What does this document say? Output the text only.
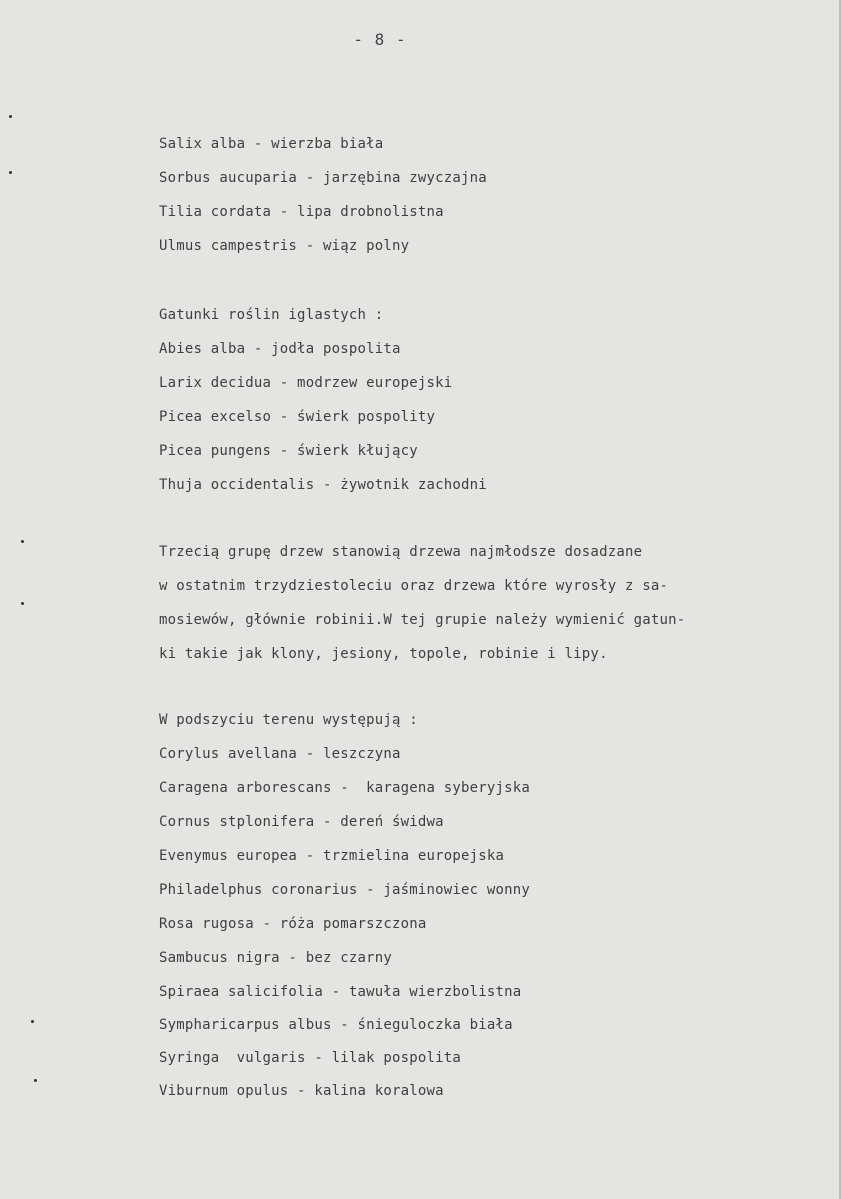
- 8 -
Salix alba - wierzba biała
Sorbus aucuparia - jarzębina zwyczajna
Tilia cordata - lipa drobnolistna
Ulmus campestris - wiąz polny
Gatunki roślin iglastych :
Abies alba - jodła pospolita
Larix decidua - modrzew europejski
Picea excelso - świerk pospolity
Picea pungens - świerk kłujący
Thuja occidentalis - żywotnik zachodni
Trzecią grupę drzew stanowią drzewa najmłodsze dosadzane
w ostatnim trzydziestoleciu oraz drzewa które wyrosły z sa-
mosiewów, głównie robinii.W tej grupie należy wymienić gatun-
ki takie jak klony, jesiony, topole, robinie i lipy.
W podszyciu terenu występują :
Corylus avellana - leszczyna
Caragena arborescans -  karagena syberyjska
Cornus stplonifera - dereń świdwa
Evenymus europea - trzmielina europejska
Philadelphus coronarius - jaśminowiec wonny
Rosa rugosa - róża pomarszczona
Sambucus nigra - bez czarny
Spiraea salicifolia - tawuła wierzbolistna
Sympharicarpus albus - śnieguloczka biała
Syringa  vulgaris - lilak pospolita
Viburnum opulus - kalina koralowa
